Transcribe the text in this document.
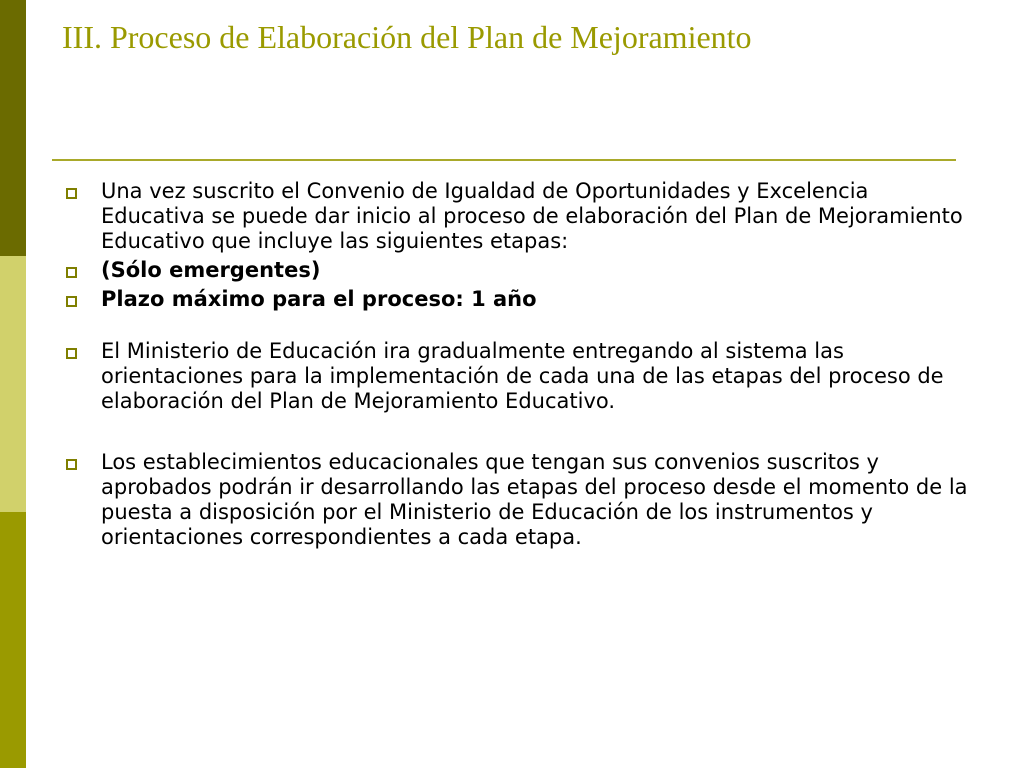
III. Proceso de Elaboración del Plan de Mejoramiento

Una vez suscrito el Convenio de Igualdad de Oportunidades y Excelencia Educativa se puede dar inicio al proceso de elaboración del Plan de Mejoramiento Educativo que incluye las siguientes etapas:

(Sólo emergentes)

Plazo máximo para el proceso: 1 año

El Ministerio de Educación ira gradualmente entregando al sistema las orientaciones para la implementación de cada una de las etapas del proceso de elaboración del Plan de Mejoramiento Educativo.

Los establecimientos educacionales que tengan sus convenios suscritos y aprobados podrán ir desarrollando las etapas del proceso desde el momento de la puesta a disposición por el Ministerio de Educación de los instrumentos y orientaciones correspondientes a cada etapa.
